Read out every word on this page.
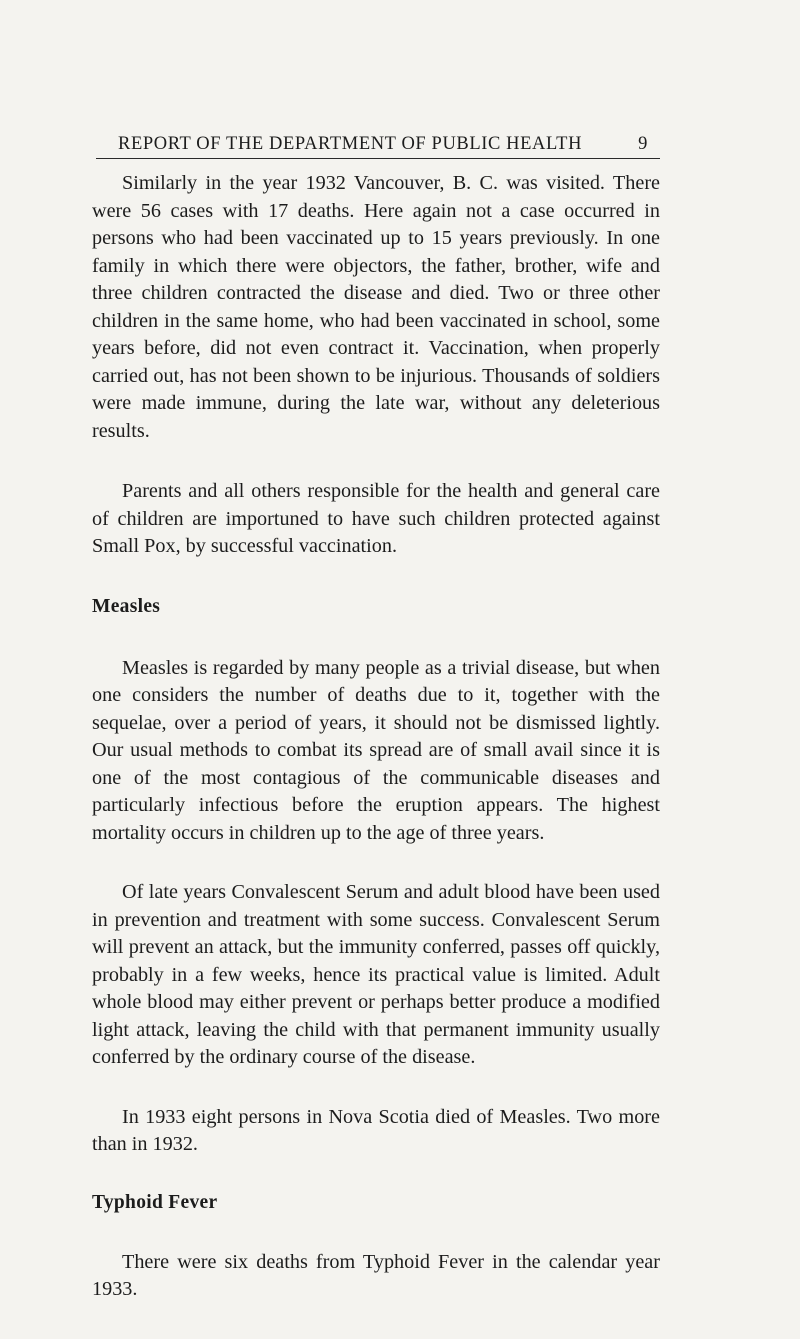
REPORT OF THE DEPARTMENT OF PUBLIC HEALTH	9

Similarly in the year 1932 Vancouver, B. C. was visited. There were 56 cases with 17 deaths. Here again not a case occurred in persons who had been vaccinated up to 15 years previously. In one family in which there were objectors, the father, brother, wife and three children contracted the disease and died. Two or three other children in the same home, who had been vaccinated in school, some years before, did not even contract it. Vaccination, when properly carried out, has not been shown to be injurious. Thousands of soldiers were made immune, during the late war, without any deleterious results.

Parents and all others responsible for the health and general care of children are importuned to have such children protected against Small Pox, by successful vaccination.

Measles

Measles is regarded by many people as a trivial disease, but when one considers the number of deaths due to it, together with the sequelae, over a period of years, it should not be dismissed lightly. Our usual methods to combat its spread are of small avail since it is one of the most contagious of the communicable diseases and particularly infectious before the eruption appears. The highest mortality occurs in children up to the age of three years.

Of late years Convalescent Serum and adult blood have been used in prevention and treatment with some success. Convalescent Serum will prevent an attack, but the immunity conferred, passes off quickly, probably in a few weeks, hence its practical value is limited. Adult whole blood may either prevent or perhaps better produce a modified light attack, leaving the child with that permanent immunity usually conferred by the ordinary course of the disease.

In 1933 eight persons in Nova Scotia died of Measles. Two more than in 1932.

Typhoid Fever

There were six deaths from Typhoid Fever in the calendar year 1933.
